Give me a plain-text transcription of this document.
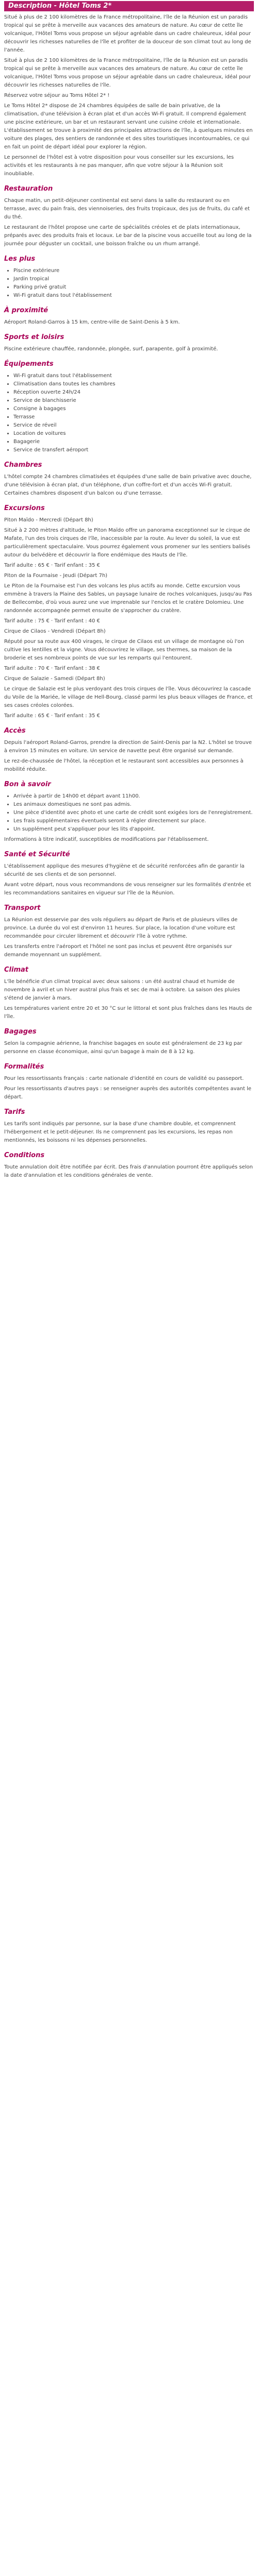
Description - Hôtel Toms 2*

Situé à plus de 2 100 kilomètres de la France métropolitaine, l'île de la Réunion est un paradis tropical qui se prête à merveille aux vacances des amateurs de nature. Au cœur de cette île volcanique, l'Hôtel Toms vous propose un séjour agréable dans un cadre chaleureux, idéal pour découvrir les richesses naturelles de l'île et profiter de la douceur de son climat tout au long de l'année.

Situé à plus de 2 100 kilomètres de la France métropolitaine, l'île de la Réunion est un paradis tropical qui se prête à merveille aux vacances des amateurs de nature. Au cœur de cette île volcanique, l'Hôtel Toms vous propose un séjour agréable dans un cadre chaleureux, idéal pour découvrir les richesses naturelles de l'île.

Réservez votre séjour au Toms Hôtel 2* !

Le Toms Hôtel 2* dispose de 24 chambres équipées de salle de bain privative, de la climatisation, d'une télévision à écran plat et d'un accès Wi-Fi gratuit. Il comprend également une piscine extérieure, un bar et un restaurant servant une cuisine créole et internationale. L'établissement se trouve à proximité des principales attractions de l'île, à quelques minutes en voiture des plages, des sentiers de randonnée et des sites touristiques incontournables, ce qui en fait un point de départ idéal pour explorer la région.

Le personnel de l'hôtel est à votre disposition pour vous conseiller sur les excursions, les activités et les restaurants à ne pas manquer, afin que votre séjour à la Réunion soit inoubliable.

Restauration

Chaque matin, un petit-déjeuner continental est servi dans la salle du restaurant ou en terrasse, avec du pain frais, des viennoiseries, des fruits tropicaux, des jus de fruits, du café et du thé.

Le restaurant de l'hôtel propose une carte de spécialités créoles et de plats internationaux, préparés avec des produits frais et locaux. Le bar de la piscine vous accueille tout au long de la journée pour déguster un cocktail, une boisson fraîche ou un rhum arrangé.

Les plus
• Piscine extérieure
• Jardin tropical
• Parking privé gratuit
• Wi-Fi gratuit dans tout l'établissement
À proximité

Aéroport Roland-Garros à 15 km, centre-ville de Saint-Denis à 5 km.

Sports et loisirs

Piscine extérieure chauffée, randonnée, plongée, surf, parapente, golf à proximité.

Équipements
• Wi-Fi gratuit dans tout l'établissement
• Climatisation dans toutes les chambres
• Réception ouverte 24h/24
• Service de blanchisserie
• Consigne à bagages
• Terrasse
• Service de réveil
• Location de voitures
• Bagagerie
• Service de transfert aéroport
Chambres

L'hôtel compte 24 chambres climatisées et équipées d'une salle de bain privative avec douche, d'une télévision à écran plat, d'un téléphone, d'un coffre-fort et d'un accès Wi-Fi gratuit. Certaines chambres disposent d'un balcon ou d'une terrasse.

Excursions

Piton Maïdo - Mercredi (Départ 8h)

Situé à 2 200 mètres d'altitude, le Piton Maïdo offre un panorama exceptionnel sur le cirque de Mafate, l'un des trois cirques de l'île, inaccessible par la route. Au lever du soleil, la vue est particulièrement spectaculaire. Vous pourrez également vous promener sur les sentiers balisés autour du belvédère et découvrir la flore endémique des Hauts de l'île.

Tarif adulte : 65 € · Tarif enfant : 35 €

Piton de la Fournaise - Jeudi (Départ 7h)

Le Piton de la Fournaise est l'un des volcans les plus actifs au monde. Cette excursion vous emmène à travers la Plaine des Sables, un paysage lunaire de roches volcaniques, jusqu'au Pas de Bellecombe, d'où vous aurez une vue imprenable sur l'enclos et le cratère Dolomieu. Une randonnée accompagnée permet ensuite de s'approcher du cratère.

Tarif adulte : 75 € · Tarif enfant : 40 €

Cirque de Cilaos - Vendredi (Départ 8h)

Réputé pour sa route aux 400 virages, le cirque de Cilaos est un village de montagne où l'on cultive les lentilles et la vigne. Vous découvrirez le village, ses thermes, sa maison de la broderie et ses nombreux points de vue sur les remparts qui l'entourent.

Tarif adulte : 70 € · Tarif enfant : 38 €

Cirque de Salazie - Samedi (Départ 8h)

Le cirque de Salazie est le plus verdoyant des trois cirques de l'île. Vous découvrirez la cascade du Voile de la Mariée, le village de Hell-Bourg, classé parmi les plus beaux villages de France, et ses cases créoles colorées.

Tarif adulte : 65 € · Tarif enfant : 35 €

Accès

Depuis l'aéroport Roland-Garros, prendre la direction de Saint-Denis par la N2. L'hôtel se trouve à environ 15 minutes en voiture. Un service de navette peut être organisé sur demande.

Le rez-de-chaussée de l'hôtel, la réception et le restaurant sont accessibles aux personnes à mobilité réduite.

Bon à savoir
• Arrivée à partir de 14h00 et départ avant 11h00.
• Les animaux domestiques ne sont pas admis.
• Une pièce d'identité avec photo et une carte de crédit sont exigées lors de l'enregistrement.
• Les frais supplémentaires éventuels seront à régler directement sur place.
• Un supplément peut s'appliquer pour les lits d'appoint.

Informations à titre indicatif, susceptibles de modifications par l'établissement.

Santé et Sécurité

L'établissement applique des mesures d'hygiène et de sécurité renforcées afin de garantir la sécurité de ses clients et de son personnel.

Avant votre départ, nous vous recommandons de vous renseigner sur les formalités d'entrée et les recommandations sanitaires en vigueur sur l'île de la Réunion.

Transport

La Réunion est desservie par des vols réguliers au départ de Paris et de plusieurs villes de province. La durée du vol est d'environ 11 heures. Sur place, la location d'une voiture est recommandée pour circuler librement et découvrir l'île à votre rythme.

Les transferts entre l'aéroport et l'hôtel ne sont pas inclus et peuvent être organisés sur demande moyennant un supplément.

Climat

L'île bénéficie d'un climat tropical avec deux saisons : un été austral chaud et humide de novembre à avril et un hiver austral plus frais et sec de mai à octobre. La saison des pluies s'étend de janvier à mars.

Les températures varient entre 20 et 30 °C sur le littoral et sont plus fraîches dans les Hauts de l'île.

Bagages

Selon la compagnie aérienne, la franchise bagages en soute est généralement de 23 kg par personne en classe économique, ainsi qu'un bagage à main de 8 à 12 kg.

Formalités

Pour les ressortissants français : carte nationale d'identité en cours de validité ou passeport.

Pour les ressortissants d'autres pays : se renseigner auprès des autorités compétentes avant le départ.

Tarifs

Les tarifs sont indiqués par personne, sur la base d'une chambre double, et comprennent l'hébergement et le petit-déjeuner. Ils ne comprennent pas les excursions, les repas non mentionnés, les boissons ni les dépenses personnelles.

Conditions

Toute annulation doit être notifiée par écrit. Des frais d'annulation pourront être appliqués selon la date d'annulation et les conditions générales de vente.
